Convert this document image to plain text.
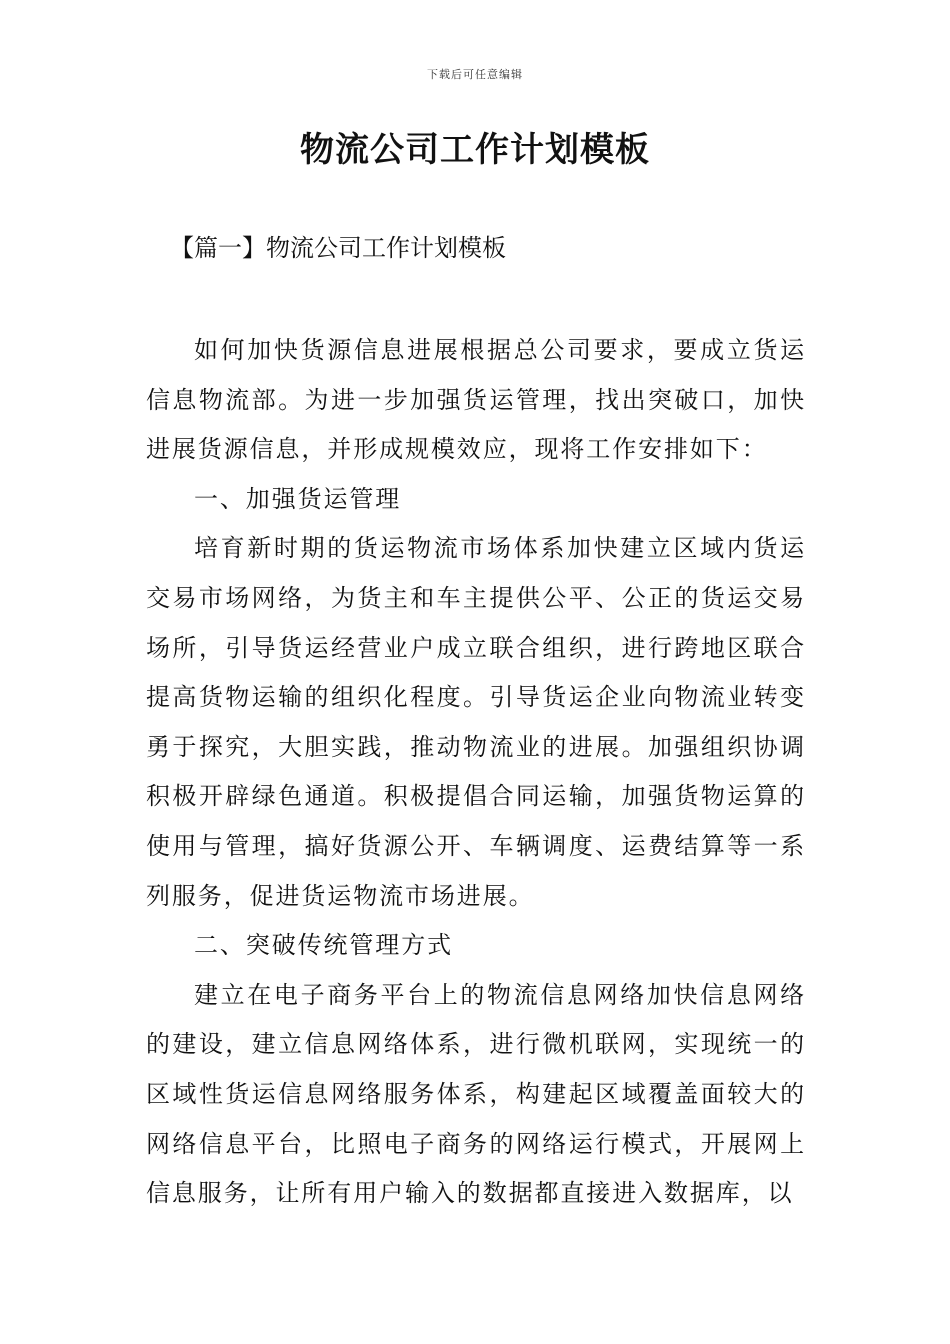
下载后可任意编辑
物流公司工作计划模板
【篇一】物流公司工作计划模板

如何加快货源信息进展根据总公司要求，要成立货运信息物流部。为进一步加强货运管理，找出突破口，加快进展货源信息，并形成规模效应，现将工作安排如下：

一、加强货运管理

培育新时期的货运物流市场体系加快建立区域内货运交易市场网络，为货主和车主提供公平、公正的货运交易场所，引导货运经营业户成立联合组织，进行跨地区联合提高货物运输的组织化程度。引导货运企业向物流业转变勇于探究，大胆实践，推动物流业的进展。加强组织协调积极开辟绿色通道。积极提倡合同运输，加强货物运算的使用与管理，搞好货源公开、车辆调度、运费结算等一系列服务，促进货运物流市场进展。

二、突破传统管理方式

建立在电子商务平台上的物流信息网络加快信息网络的建设，建立信息网络体系，进行微机联网，实现统一的区域性货运信息网络服务体系，构建起区域覆盖面较大的网络信息平台，比照电子商务的网络运行模式，开展网上信息服务，让所有用户输入的数据都直接进入数据库，以
